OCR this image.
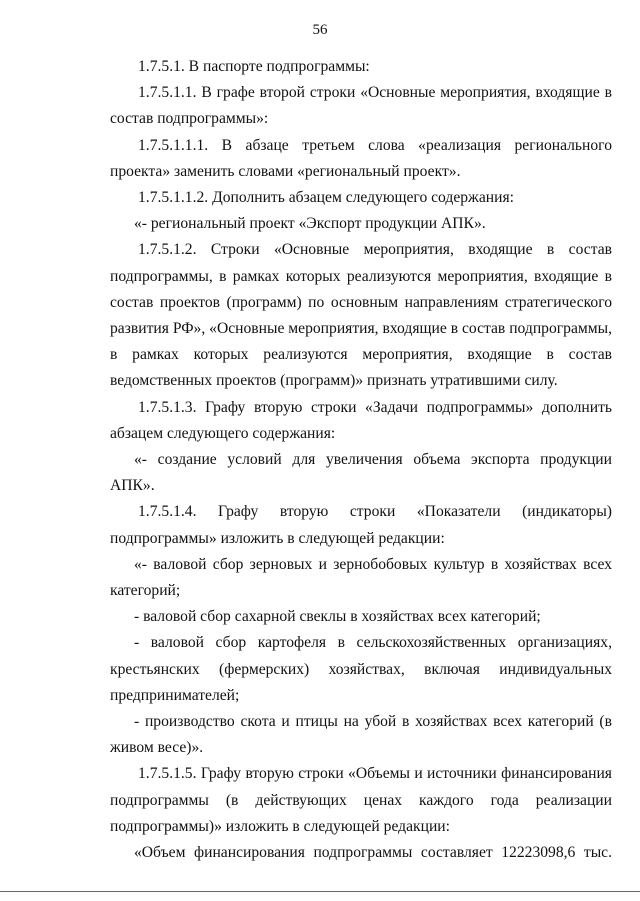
56

1.7.5.1. В паспорте подпрограммы:

1.7.5.1.1. В графе второй строки «Основные мероприятия, входящие в состав подпрограммы»:

1.7.5.1.1.1. В абзаце третьем слова «реализация регионального проекта» заменить словами «региональный проект».

1.7.5.1.1.2. Дополнить абзацем следующего содержания:

«- региональный проект «Экспорт продукции АПК».

1.7.5.1.2. Строки «Основные мероприятия, входящие в состав подпрограммы, в рамках которых реализуются мероприятия, входящие в состав проектов (программ) по основным направлениям стратегического развития РФ», «Основные мероприятия, входящие в состав подпрограммы, в рамках которых реализуются мероприятия, входящие в состав ведомственных проектов (программ)» признать утратившими силу.

1.7.5.1.3. Графу вторую строки «Задачи подпрограммы» дополнить абзацем следующего содержания:

«- создание условий для увеличения объема экспорта продукции АПК».

1.7.5.1.4. Графу вторую строки «Показатели (индикаторы) подпрограммы» изложить в следующей редакции:

«- валовой сбор зерновых и зернобобовых культур в хозяйствах всех категорий;

- валовой сбор сахарной свеклы в хозяйствах всех категорий;

- валовой сбор картофеля в сельскохозяйственных организациях, крестьянских (фермерских) хозяйствах, включая индивидуальных предпринимателей;

- производство скота и птицы на убой в хозяйствах всех категорий (в живом весе)».

1.7.5.1.5. Графу вторую строки «Объемы и источники финансирования подпрограммы (в действующих ценах каждого года реализации подпрограммы)» изложить в следующей редакции:

«Объем финансирования подпрограммы составляет 12223098,6 тыс.
